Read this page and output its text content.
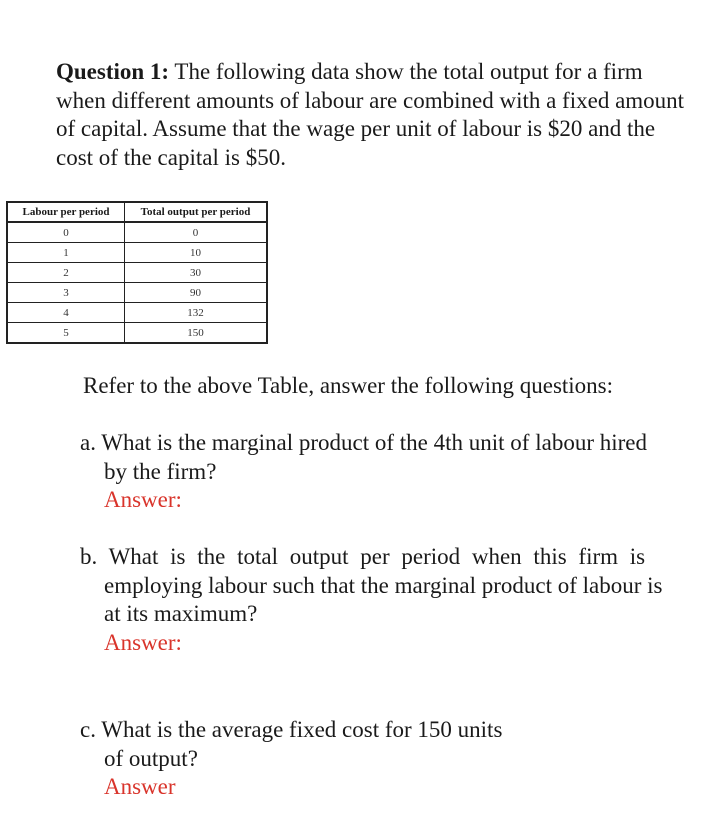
Question 1: The following data show the total output for a firm
when different amounts of labour are combined with a fixed amount
of capital. Assume that the wage per unit of labour is $20 and the
cost of the capital is $50.
Labour per period	Total output per period
0	0
1	10
2	30
3	90
4	132
5	150
Refer to the above Table, answer the following questions:
a. What is the marginal product of the 4th unit of labour hired
by the firm?
Answer:
b. What is the total output per period when this firm is
employing labour such that the marginal product of labour is
at its maximum?
Answer:
c. What is the average fixed cost for 150 units
of output?
Answer
